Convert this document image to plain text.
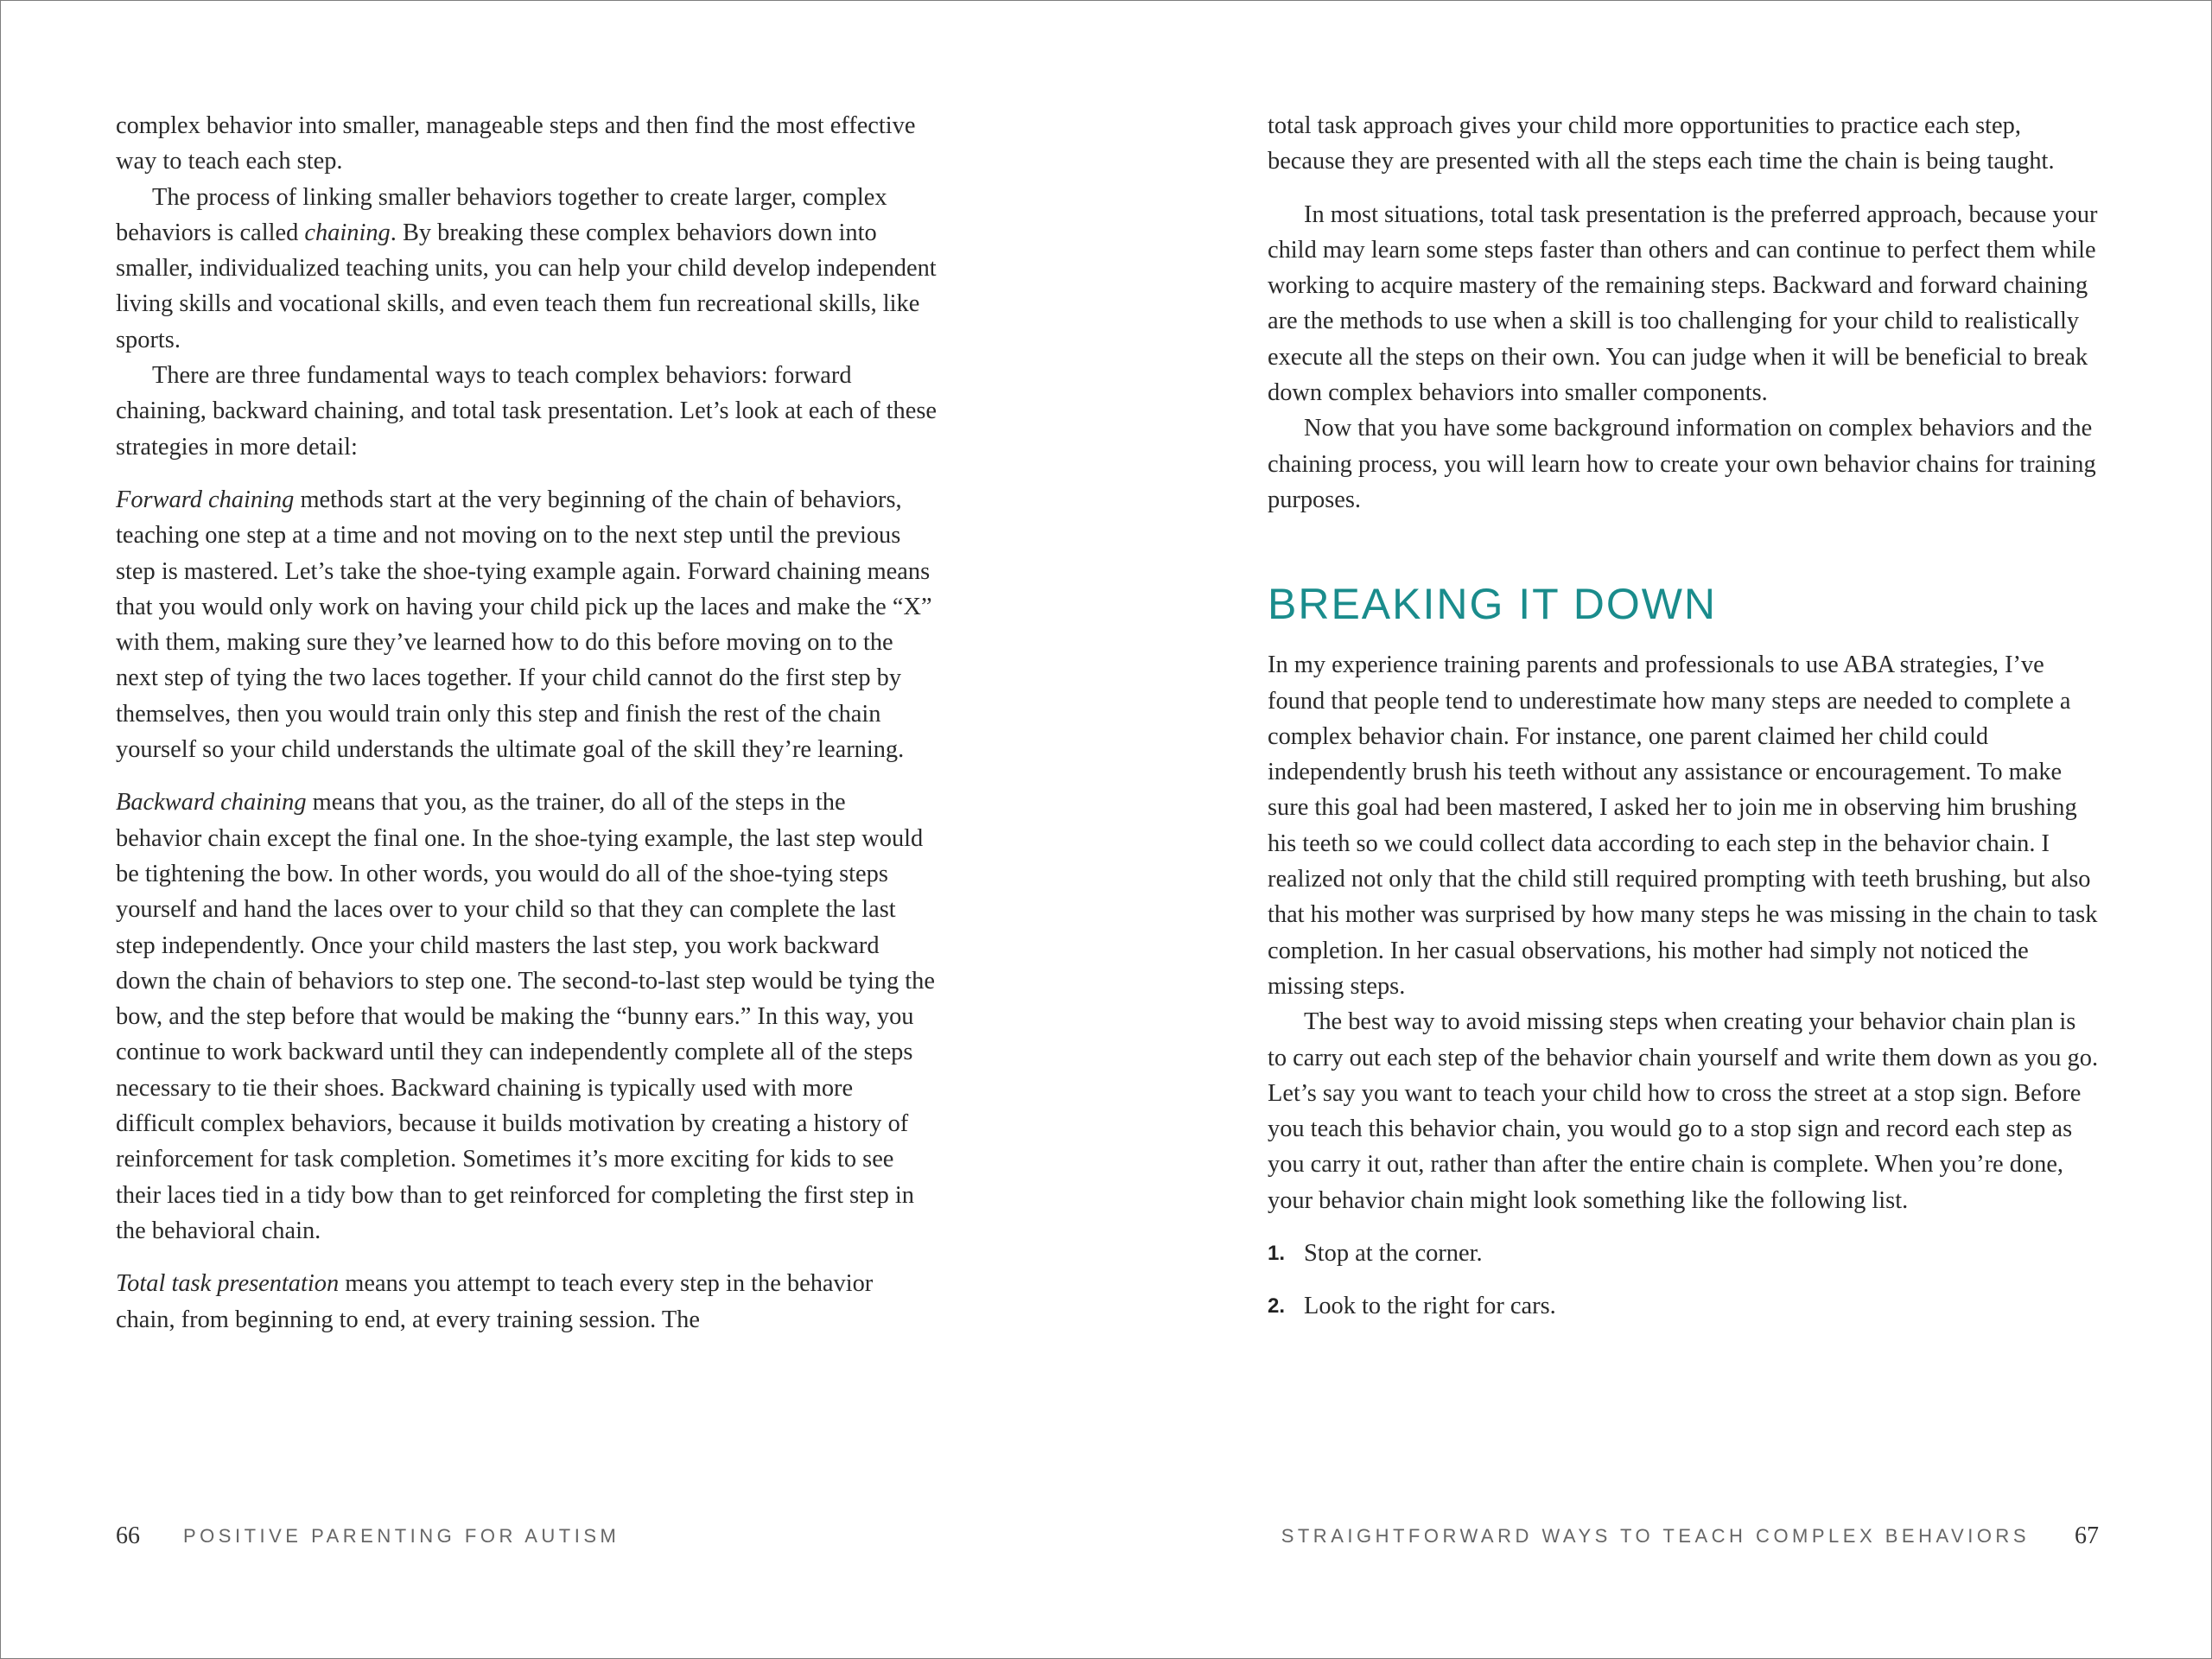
complex behavior into smaller, manageable steps and then find the most effective way to teach each step.

The process of linking smaller behaviors together to create larger, complex behaviors is called chaining. By breaking these complex behaviors down into smaller, individualized teaching units, you can help your child develop independent living skills and vocational skills, and even teach them fun recreational skills, like sports.

There are three fundamental ways to teach complex behaviors: forward chaining, backward chaining, and total task presentation. Let’s look at each of these strategies in more detail:

Forward chaining methods start at the very beginning of the chain of behaviors, teaching one step at a time and not moving on to the next step until the previous step is mastered. Let’s take the shoe-tying example again. Forward chaining means that you would only work on having your child pick up the laces and make the “X” with them, making sure they’ve learned how to do this before moving on to the next step of tying the two laces together. If your child cannot do the first step by themselves, then you would train only this step and finish the rest of the chain yourself so your child understands the ultimate goal of the skill they’re learning.

Backward chaining means that you, as the trainer, do all of the steps in the behavior chain except the final one. In the shoe-tying example, the last step would be tightening the bow. In other words, you would do all of the shoe-tying steps yourself and hand the laces over to your child so that they can complete the last step independently. Once your child masters the last step, you work backward down the chain of behaviors to step one. The second-to-last step would be tying the bow, and the step before that would be making the “bunny ears.” In this way, you continue to work backward until they can independently complete all of the steps necessary to tie their shoes. Backward chaining is typically used with more difficult complex behaviors, because it builds motivation by creating a history of reinforcement for task completion. Sometimes it’s more exciting for kids to see their laces tied in a tidy bow than to get reinforced for completing the first step in the behavioral chain.

Total task presentation means you attempt to teach every step in the behavior chain, from beginning to end, at every training session. The

66 POSITIVE PARENTING FOR AUTISM

total task approach gives your child more opportunities to practice each step, because they are presented with all the steps each time the chain is being taught.

In most situations, total task presentation is the preferred approach, because your child may learn some steps faster than others and can continue to perfect them while working to acquire mastery of the remaining steps. Backward and forward chaining are the methods to use when a skill is too challenging for your child to realistically execute all the steps on their own. You can judge when it will be beneficial to break down complex behaviors into smaller components.

Now that you have some background information on complex behaviors and the chaining process, you will learn how to create your own behavior chains for training purposes.

BREAKING IT DOWN

In my experience training parents and professionals to use ABA strategies, I’ve found that people tend to underestimate how many steps are needed to complete a complex behavior chain. For instance, one parent claimed her child could independently brush his teeth without any assistance or encouragement. To make sure this goal had been mastered, I asked her to join me in observing him brushing his teeth so we could collect data according to each step in the behavior chain. I realized not only that the child still required prompting with teeth brushing, but also that his mother was surprised by how many steps he was missing in the chain to task completion. In her casual observations, his mother had simply not noticed the missing steps.

The best way to avoid missing steps when creating your behavior chain plan is to carry out each step of the behavior chain yourself and write them down as you go. Let’s say you want to teach your child how to cross the street at a stop sign. Before you teach this behavior chain, you would go to a stop sign and record each step as you carry it out, rather than after the entire chain is complete. When you’re done, your behavior chain might look something like the following list.

1. Stop at the corner.
2. Look to the right for cars.
STRAIGHTFORWARD WAYS TO TEACH COMPLEX BEHAVIORS 67
